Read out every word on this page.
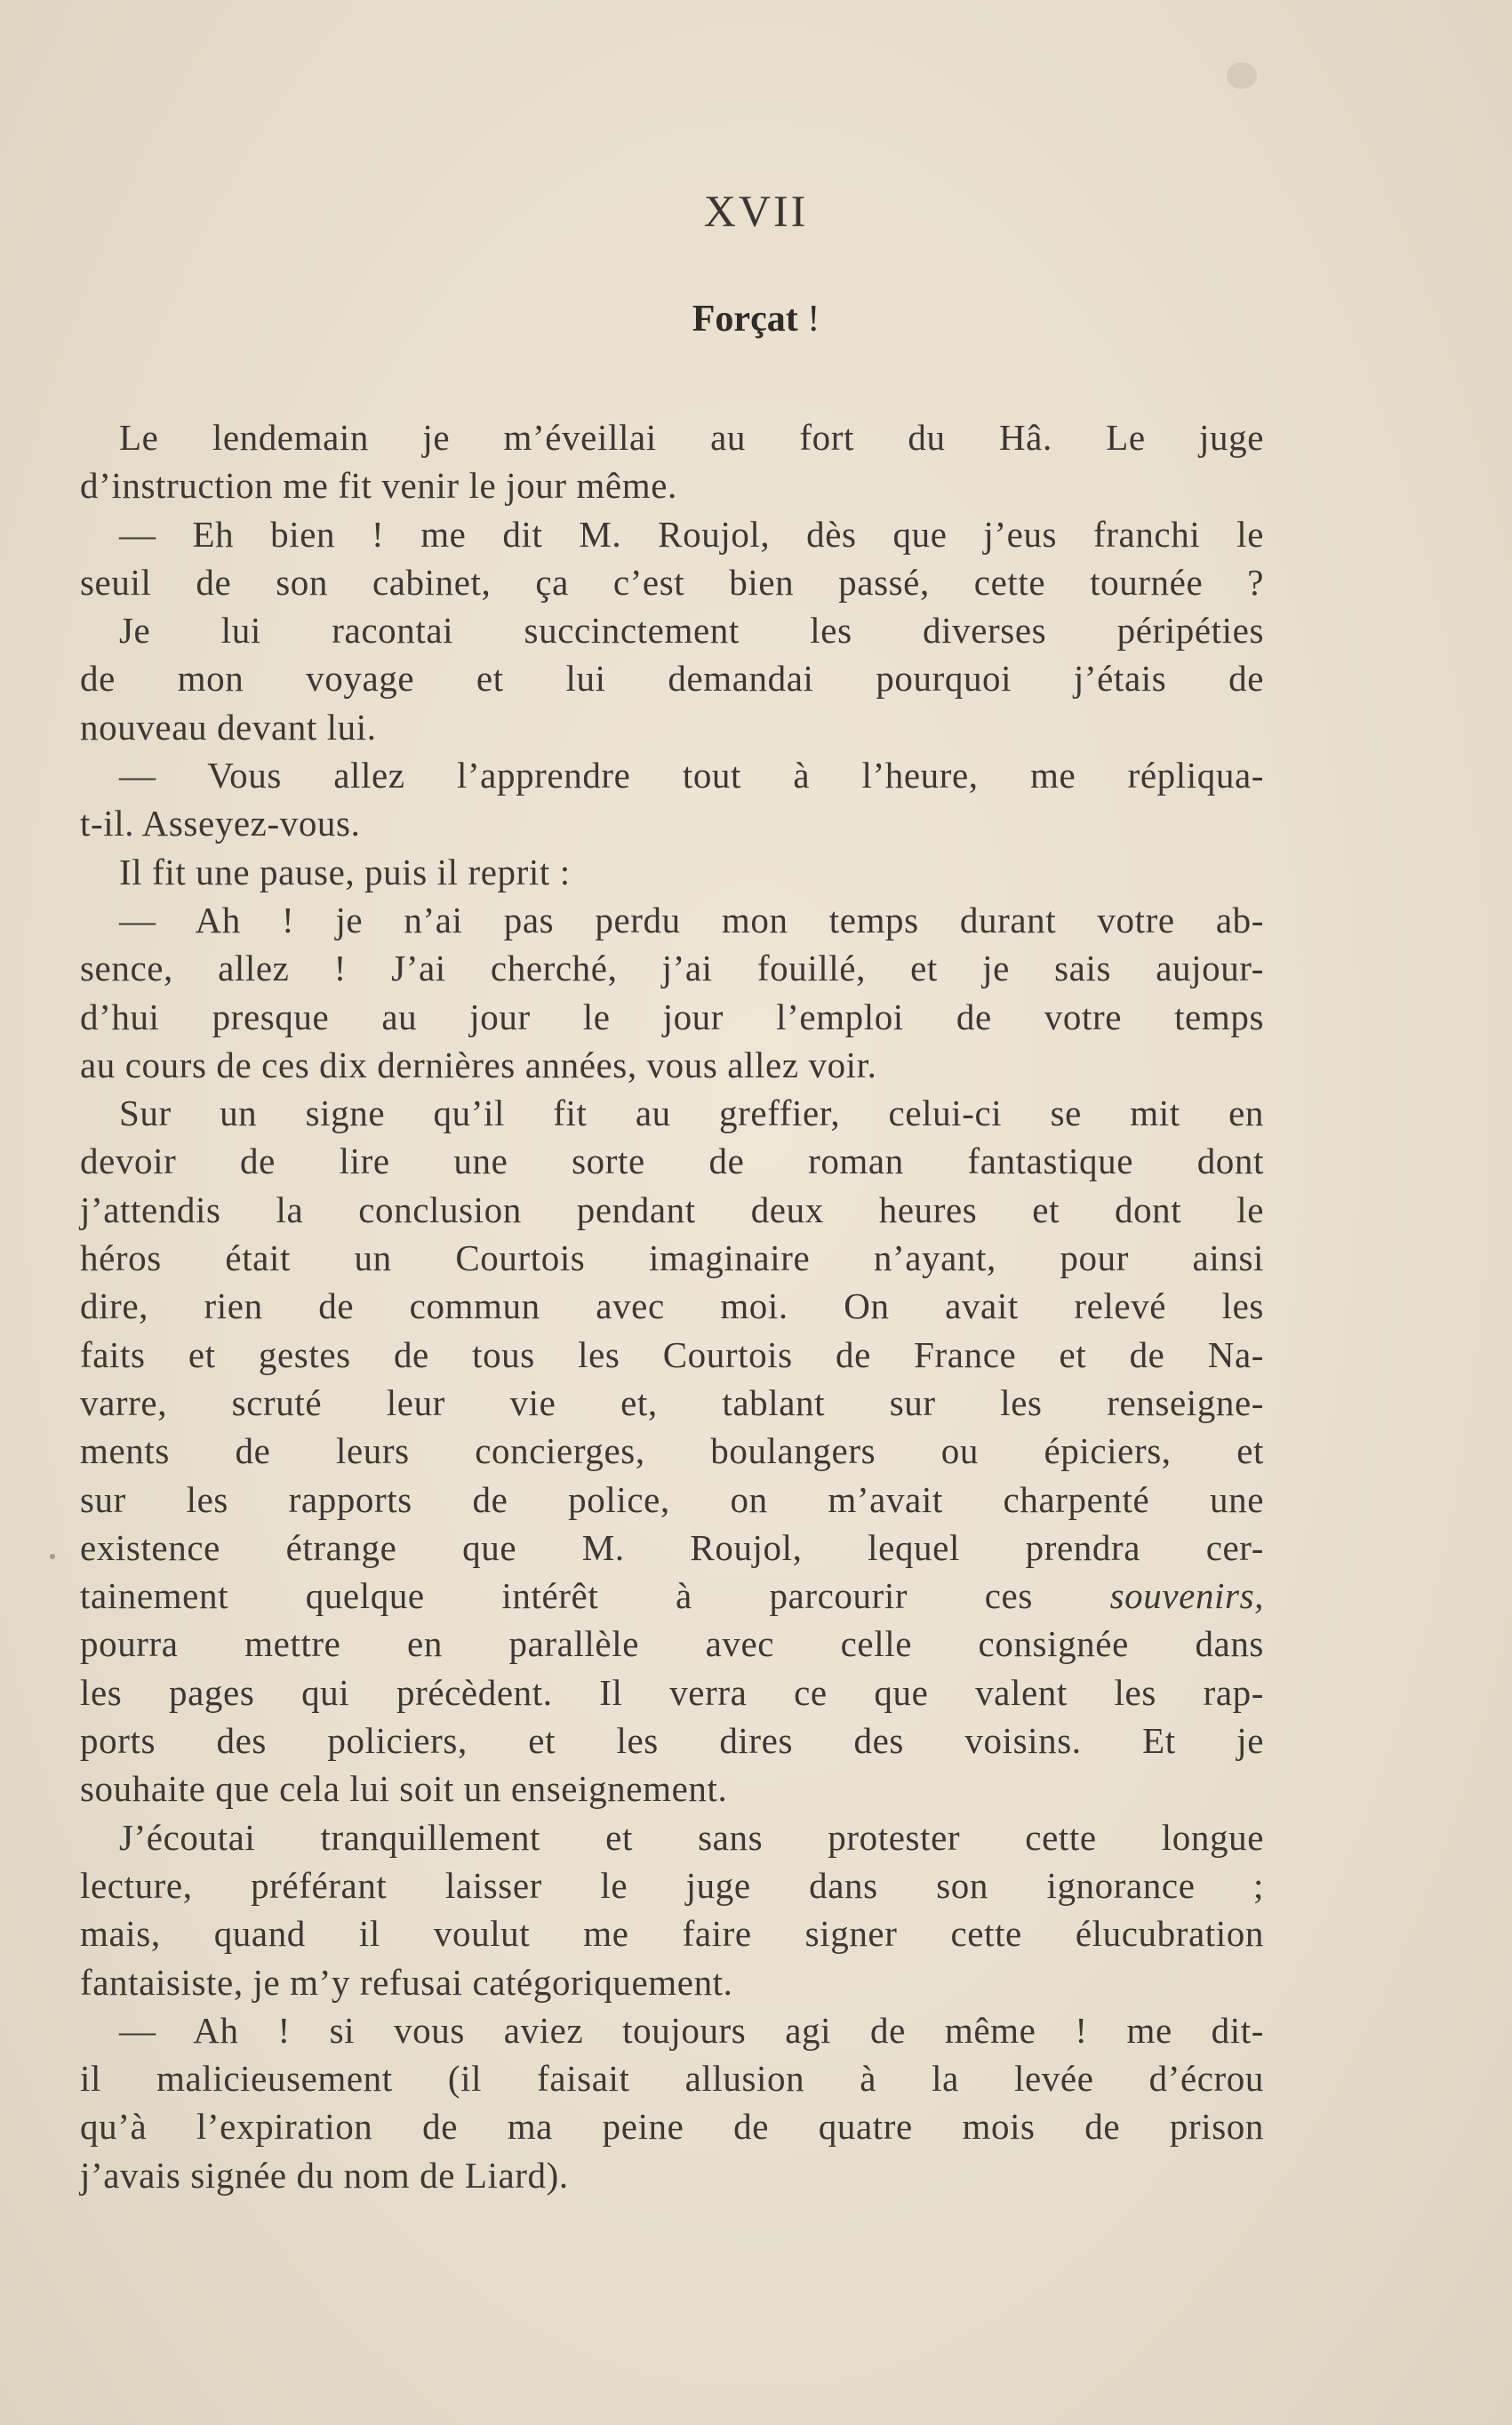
XVII
Forçat !
Le lendemain je m’éveillai au fort du Hâ. Le juge
d’instruction me fit venir le jour même.
— Eh bien ! me dit M. Roujol, dès que j’eus franchi le
seuil de son cabinet, ça c’est bien passé, cette tournée ?
Je lui racontai succinctement les diverses péripéties
de mon voyage et lui demandai pourquoi j’étais de
nouveau devant lui.
— Vous allez l’apprendre tout à l’heure, me répliqua-
t-il. Asseyez-vous.
Il fit une pause, puis il reprit :
— Ah ! je n’ai pas perdu mon temps durant votre ab-
sence, allez ! J’ai cherché, j’ai fouillé, et je sais aujour-
d’hui presque au jour le jour l’emploi de votre temps
au cours de ces dix dernières années, vous allez voir.
Sur un signe qu’il fit au greffier, celui-ci se mit en
devoir de lire une sorte de roman fantastique dont
j’attendis la conclusion pendant deux heures et dont le
héros était un Courtois imaginaire n’ayant, pour ainsi
dire, rien de commun avec moi. On avait relevé les
faits et gestes de tous les Courtois de France et de Na-
varre, scruté leur vie et, tablant sur les renseigne-
ments de leurs concierges, boulangers ou épiciers, et
sur les rapports de police, on m’avait charpenté une
existence étrange que M. Roujol, lequel prendra cer-
tainement quelque intérêt à parcourir ces souvenirs,
pourra mettre en parallèle avec celle consignée dans
les pages qui précèdent. Il verra ce que valent les rap-
ports des policiers, et les dires des voisins. Et je
souhaite que cela lui soit un enseignement.
J’écoutai tranquillement et sans protester cette longue
lecture, préférant laisser le juge dans son ignorance ;
mais, quand il voulut me faire signer cette élucubration
fantaisiste, je m’y refusai catégoriquement.
— Ah ! si vous aviez toujours agi de même ! me dit-
il malicieusement (il faisait allusion à la levée d’écrou
qu’à l’expiration de ma peine de quatre mois de prison
j’avais signée du nom de Liard).
